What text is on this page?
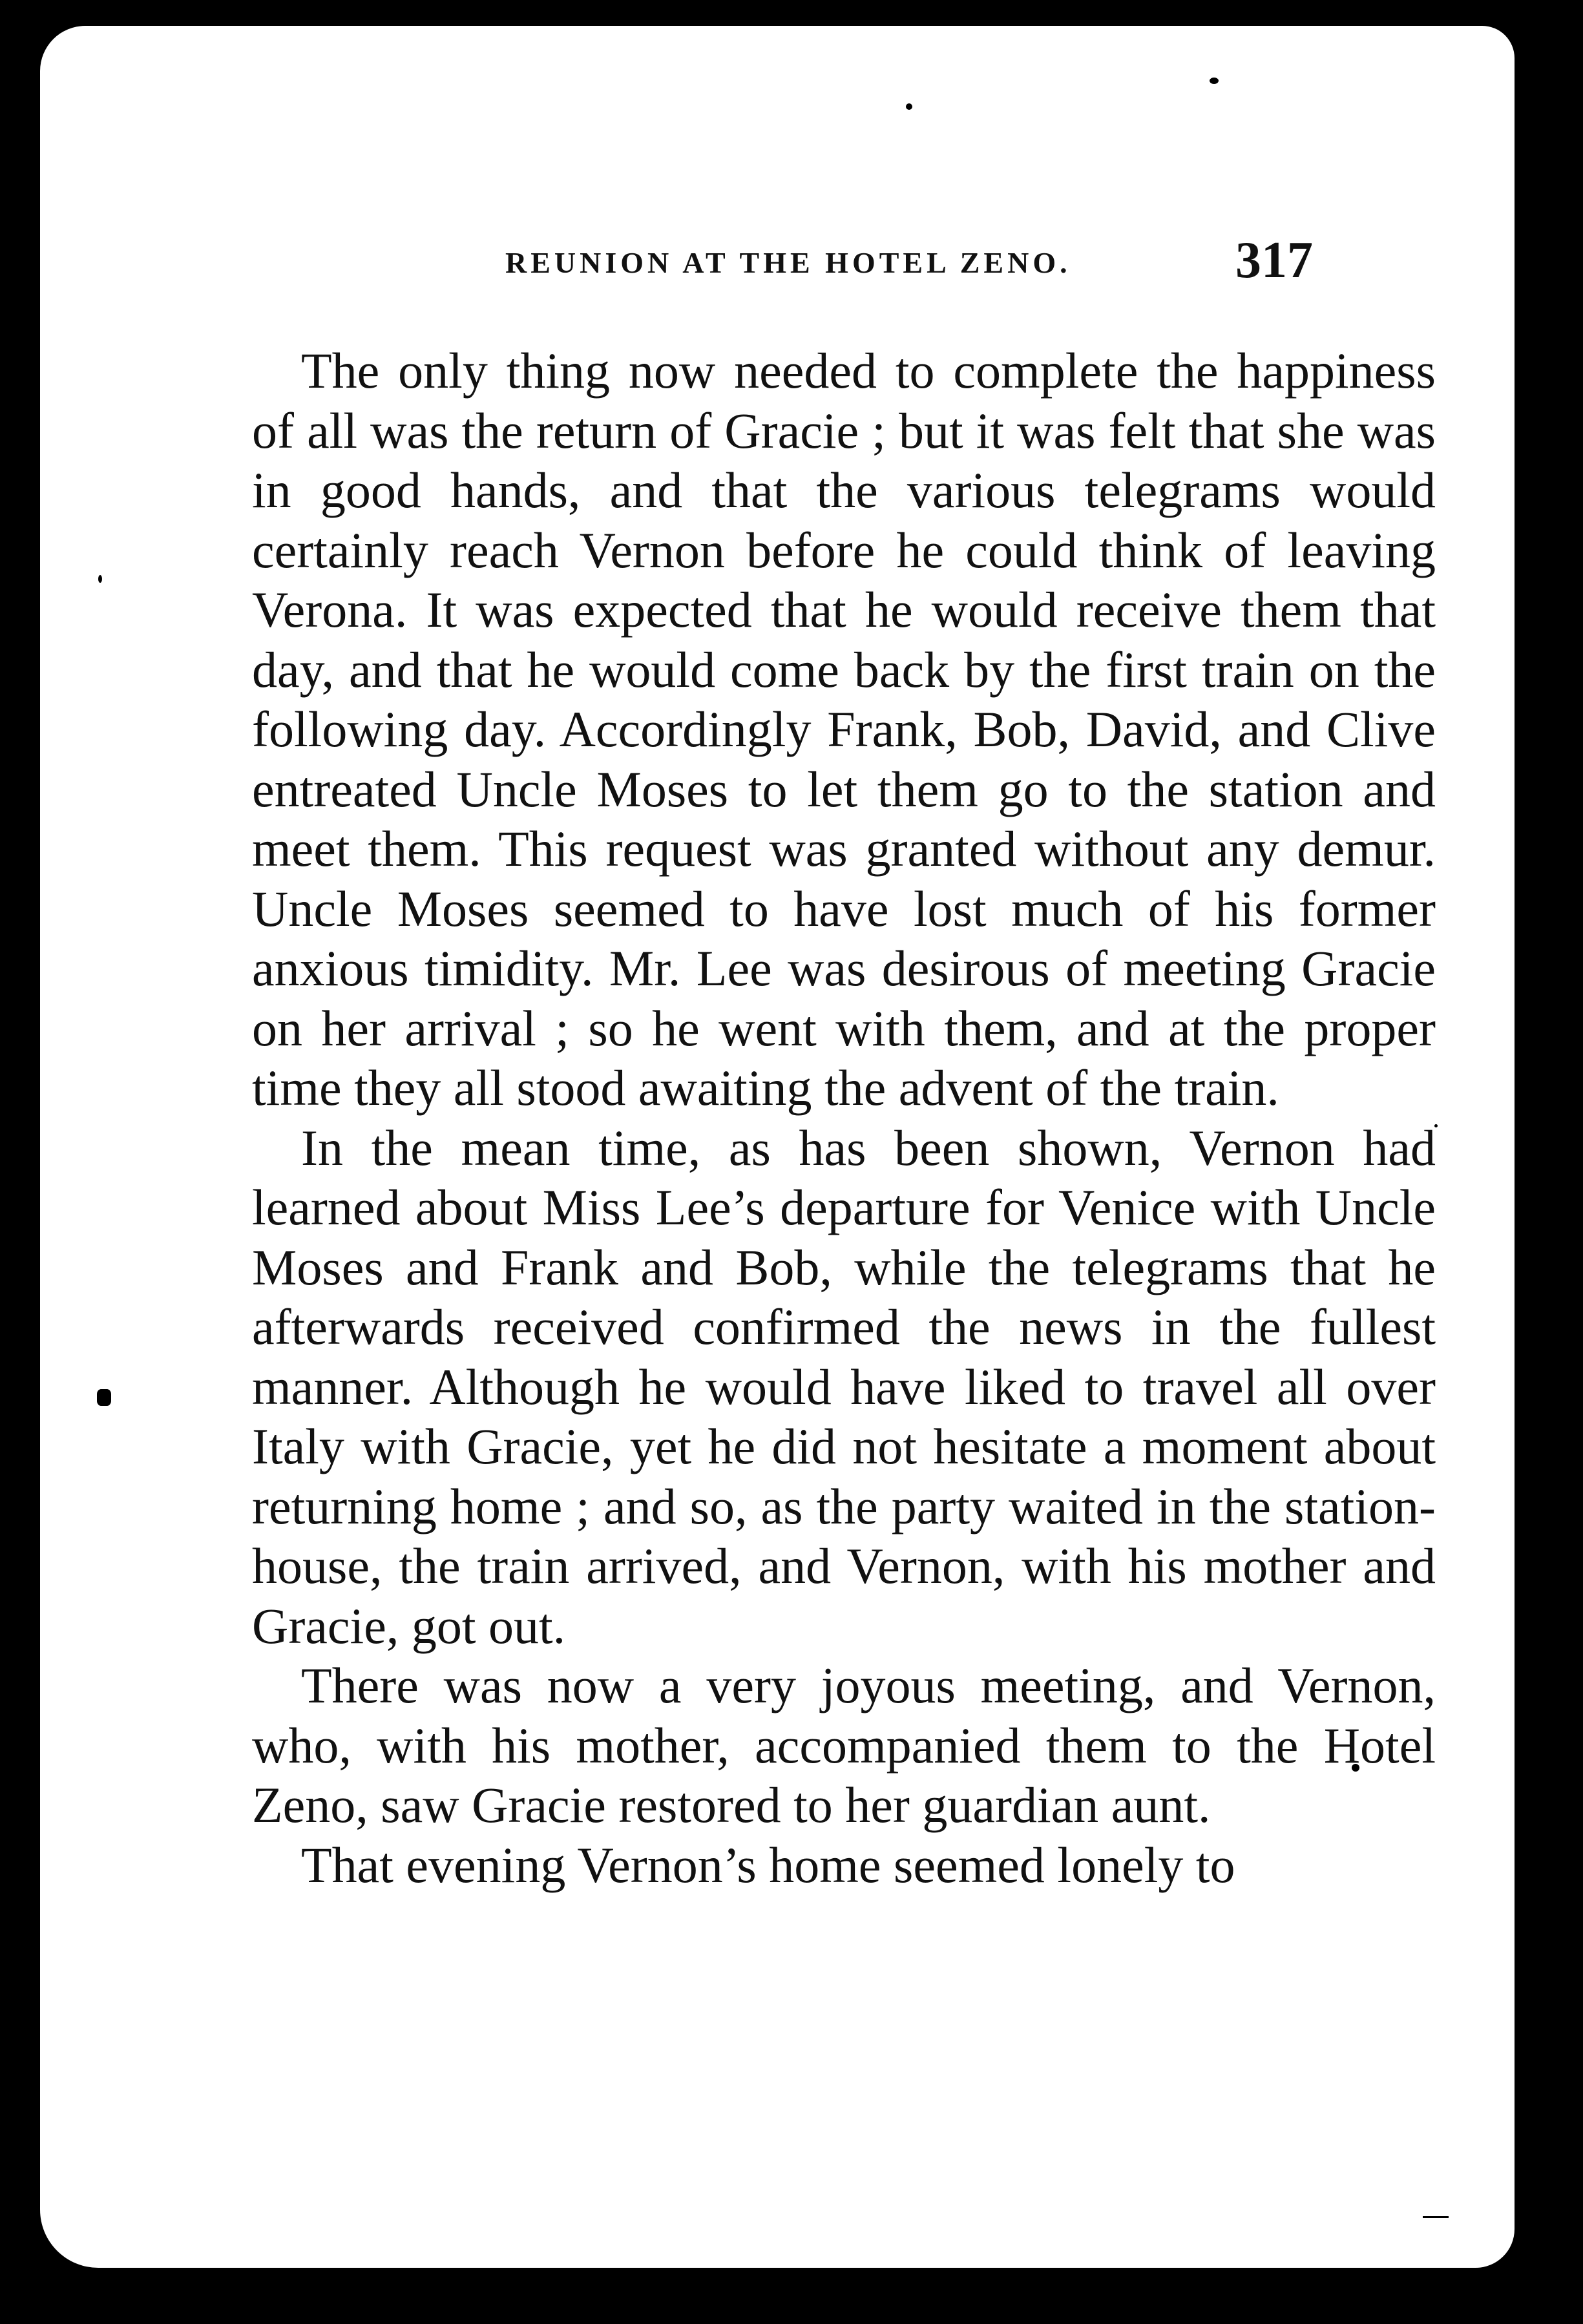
REUNION AT THE HOTEL ZENO.	317

The only thing now needed to complete the happiness of all was the return of Gracie ; but it was felt that she was in good hands, and that the various telegrams would certainly reach Vernon before he could think of leaving Verona. It was expected that he would receive them that day, and that he would come back by the first train on the following day. Accordingly Frank, Bob, David, and Clive entreated Uncle Moses to let them go to the station and meet them. This request was granted without any demur. Uncle Moses seemed to have lost much of his former anxious timidity. Mr. Lee was desirous of meeting Gracie on her arrival ; so he went with them, and at the proper time they all stood awaiting the advent of the train.

In the mean time, as has been shown, Vernon had learned about Miss Lee’s departure for Venice with Uncle Moses and Frank and Bob, while the telegrams that he afterwards received confirmed the news in the fullest manner. Although he would have liked to travel all over Italy with Gracie, yet he did not hesitate a moment about returning home ; and so, as the party waited in the station-house, the train arrived, and Vernon, with his mother and Gracie, got out.

There was now a very joyous meeting, and Vernon, who, with his mother, accompanied them to the Hotel Zeno, saw Gracie restored to her guardian aunt.

That evening Vernon’s home seemed lonely to
